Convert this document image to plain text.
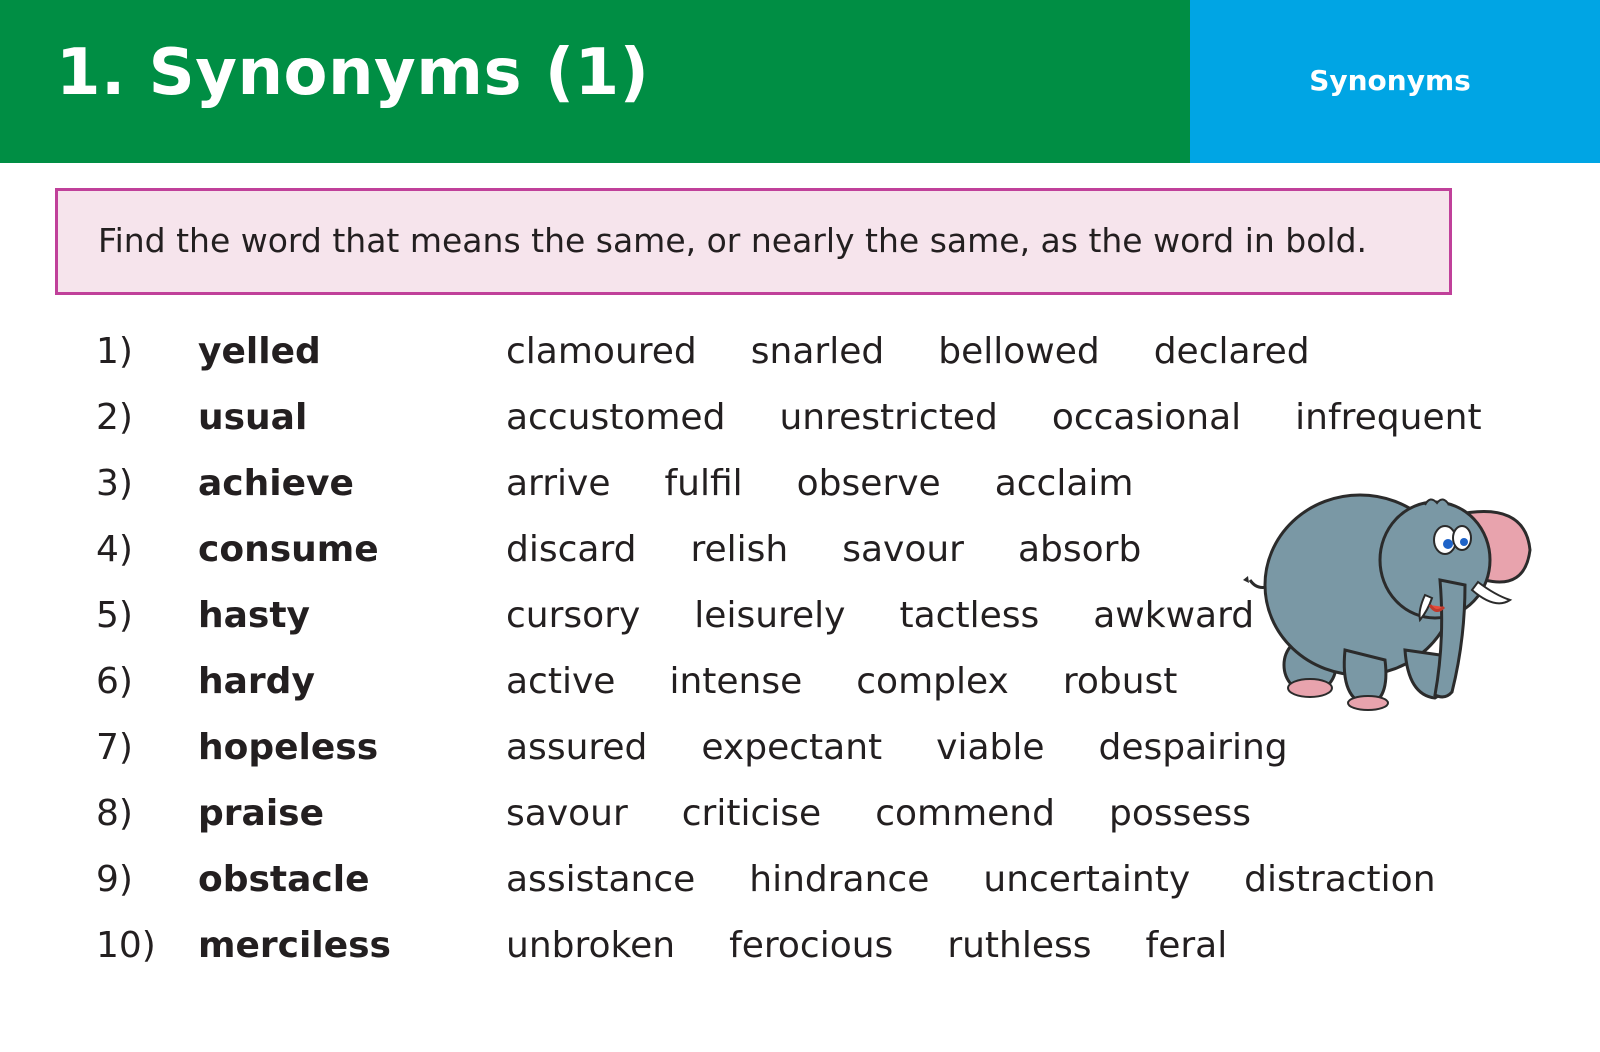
1. Synonyms (1)	Synonyms
Find the word that means the same, or nearly the same, as the word in bold.
1) yelled	clamoured snarled bellowed declared
2) usual	accustomed unrestricted occasional infrequent
3) achieve	arrive fulfil observe acclaim
4) consume	discard relish savour absorb
5) hasty	cursory leisurely tactless awkward
6) hardy	active intense complex robust
7) hopeless	assured expectant viable despairing
8) praise	savour criticise commend possess
9) obstacle	assistance hindrance uncertainty distraction
10) merciless	unbroken ferocious ruthless feral
